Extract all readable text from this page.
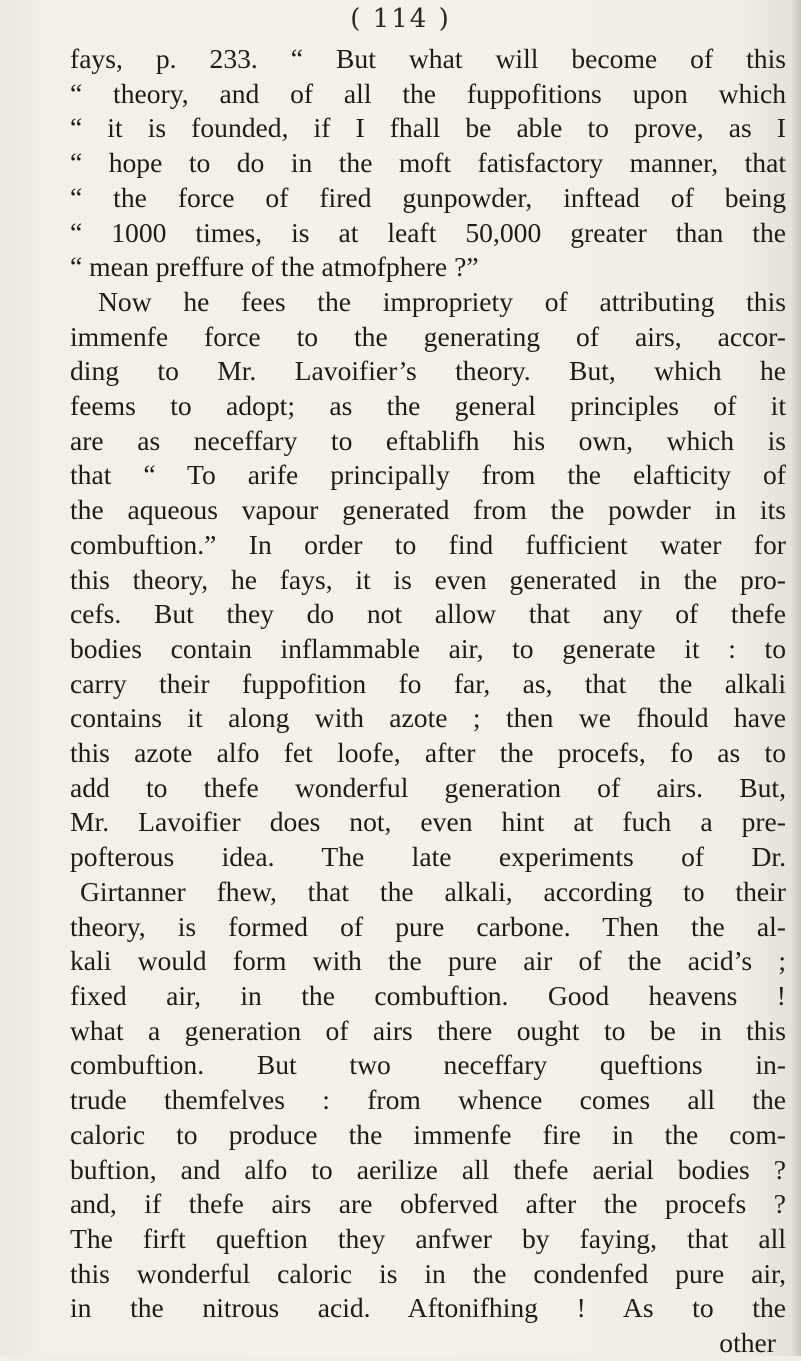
( 114 )
fays, p. 233. “ But what will become of this
“ theory, and of all the fuppofitions upon which
“ it is founded, if I fhall be able to prove, as I
“ hope to do in the moft fatisfactory manner, that
“ the force of fired gunpowder, inftead of being
“ 1000 times, is at leaft 50,000 greater than the
“ mean preffure of the atmofphere ?”
Now he fees the impropriety of attributing this
immenfe force to the generating of airs, accor-
ding to Mr. Lavoifier’s theory. But, which he
feems to adopt; as the general principles of it
are as neceffary to eftablifh his own, which is
that “ To arife principally from the elafticity of
the aqueous vapour generated from the powder in its
combuftion.” In order to find fufficient water for
this theory, he fays, it is even generated in the pro-
cefs. But they do not allow that any of thefe
bodies contain inflammable air, to generate it : to
carry their fuppofition fo far, as, that the alkali
contains it along with azote ; then we fhould have
this azote alfo fet loofe, after the procefs, fo as to
add to thefe wonderful generation of airs. But,
Mr. Lavoifier does not, even hint at fuch a pre-
pofterous idea. The late experiments of Dr.
Girtanner fhew, that the alkali, according to their
theory, is formed of pure carbone. Then the al-
kali would form with the pure air of the acid’s ;
fixed air, in the combuftion. Good heavens !
what a generation of airs there ought to be in this
combuftion. But two neceffary queftions in-
trude themfelves : from whence comes all the
caloric to produce the immenfe fire in the com-
buftion, and alfo to aerilize all thefe aerial bodies ?
and, if thefe airs are obferved after the procefs ?
The firft queftion they anfwer by faying, that all
this wonderful caloric is in the condenfed pure air,
in the nitrous acid. Aftonifhing ! As to the
other
